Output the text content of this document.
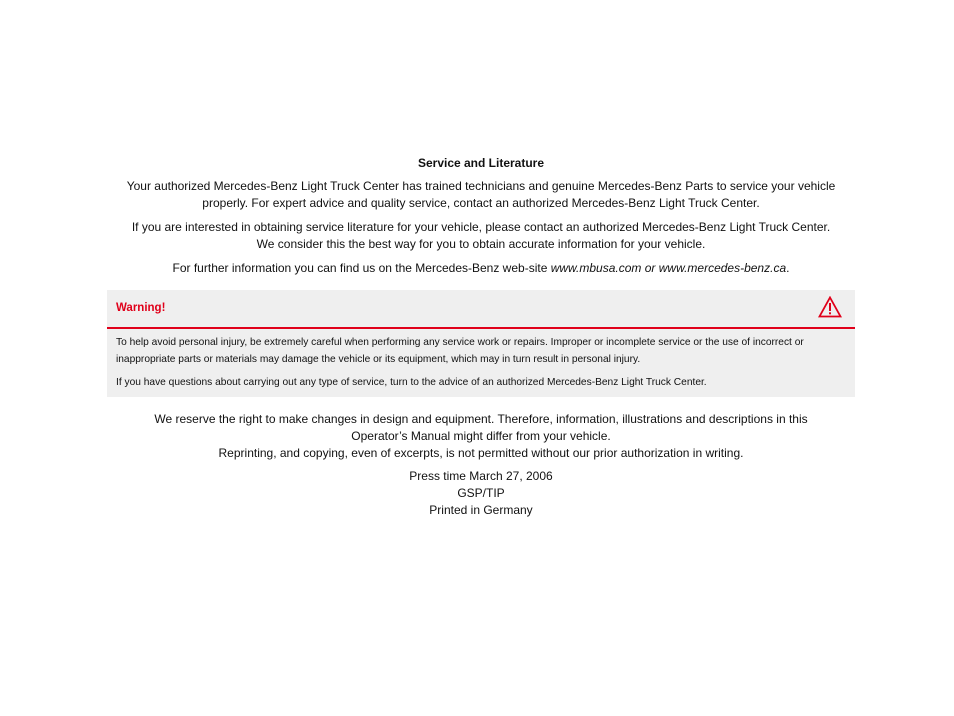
Service and Literature

Your authorized Mercedes-Benz Light Truck Center has trained technicians and genuine Mercedes-Benz Parts to service your vehicle properly. For expert advice and quality service, contact an authorized Mercedes-Benz Light Truck Center.

If you are interested in obtaining service literature for your vehicle, please contact an authorized Mercedes-Benz Light Truck Center.
We consider this the best way for you to obtain accurate information for your vehicle.

For further information you can find us on the Mercedes-Benz web-site www.mbusa.com or www.mercedes-benz.ca.

Warning!

To help avoid personal injury, be extremely careful when performing any service work or repairs. Improper or incomplete service or the use of incorrect or inappropriate parts or materials may damage the vehicle or its equipment, which may in turn result in personal injury.

If you have questions about carrying out any type of service, turn to the advice of an authorized Mercedes-Benz Light Truck Center.

We reserve the right to make changes in design and equipment. Therefore, information, illustrations and descriptions in this
Operator’s Manual might differ from your vehicle.
Reprinting, and copying, even of excerpts, is not permitted without our prior authorization in writing.
Press time March 27, 2006
GSP/TIP
Printed in Germany
